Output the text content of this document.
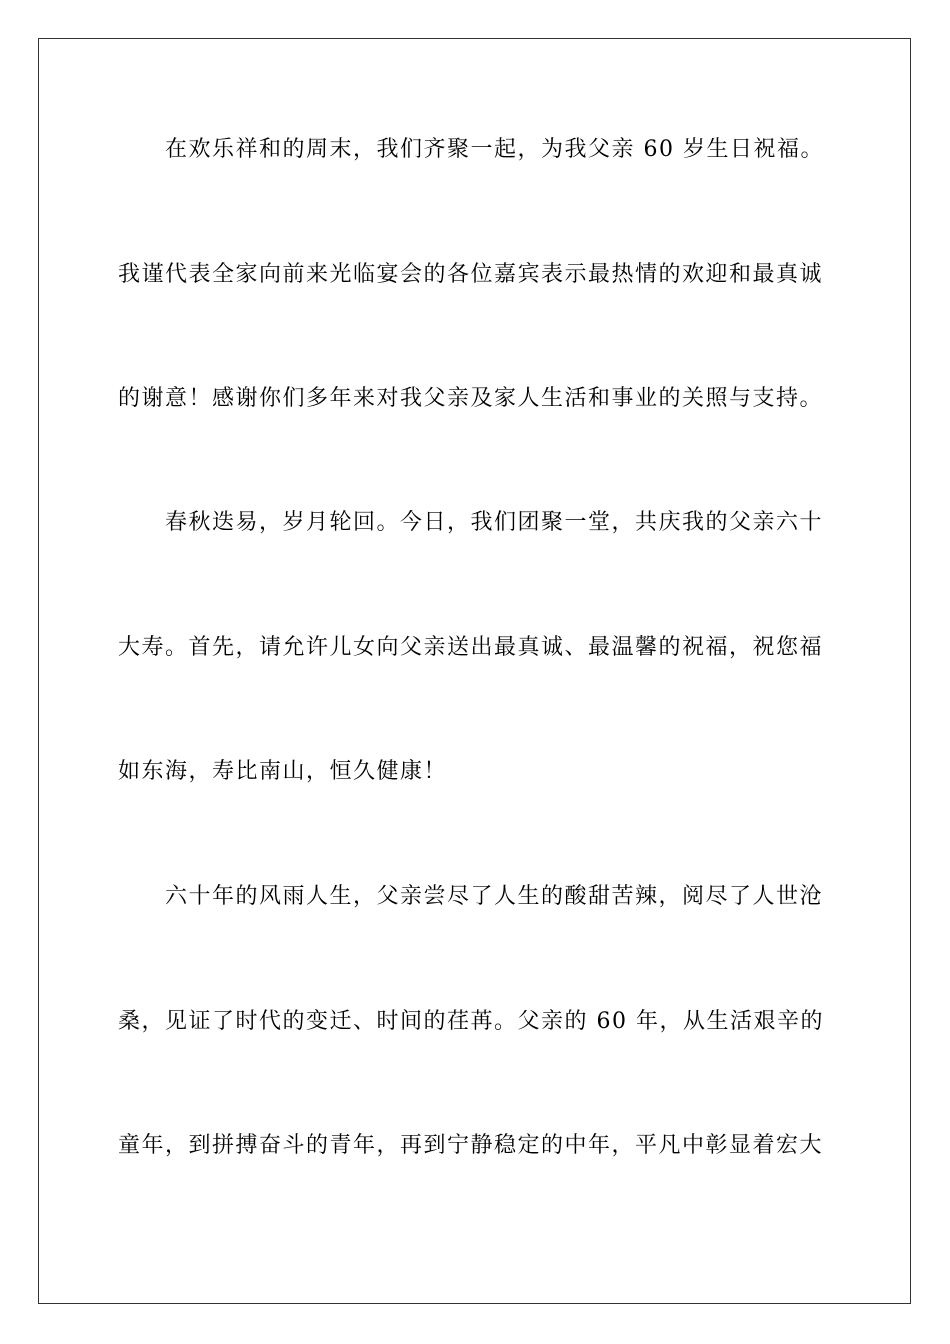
在欢乐祥和的周末，我们齐聚一起，为我父亲 60 岁生日祝福。
我谨代表全家向前来光临宴会的各位嘉宾表示最热情的欢迎和最真诚
的谢意！感谢你们多年来对我父亲及家人生活和事业的关照与支持。
春秋迭易，岁月轮回。今日，我们团聚一堂，共庆我的父亲六十
大寿。首先，请允许儿女向父亲送出最真诚、最温馨的祝福，祝您福
如东海，寿比南山，恒久健康！
六十年的风雨人生，父亲尝尽了人生的酸甜苦辣，阅尽了人世沧
桑，见证了时代的变迁、时间的荏苒。父亲的 60 年，从生活艰辛的
童年，到拼搏奋斗的青年，再到宁静稳定的中年，平凡中彰显着宏大
